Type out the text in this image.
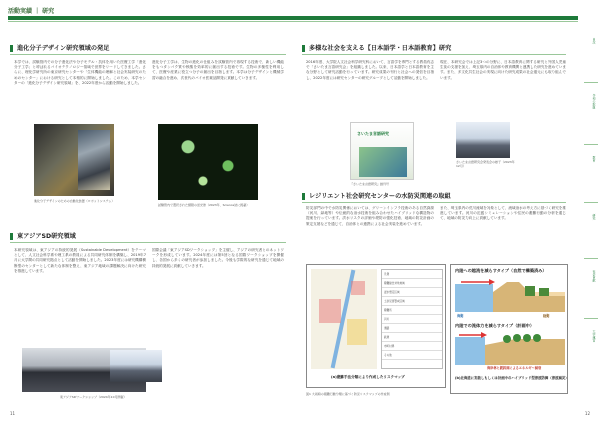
活動実績 ｜ 研究
進化分子デザイン研究領域の発足
本学では、試験管内での分子進化法や分子モデル・抗体を用いた医療工学「進化分子工学」と呼ばれるバイオテクノロジー領域で世界をリードしてきました。さらに、理化学研究所の東京研究センターや「生体機能の理解と社会実装研究のためのセンター」における研究として本格的に開始しました。このため、本学センターの「進化分子デザイン研究領域」を、2022年度から活動を開始しました。
進化分子工学は、生物の進化の仕組みを試験管内で再現する技術で、新しい機能をもつタンパク質や核酸を効率的に創出する技術です。生物の多様性を利用して、医療や産業に役立つ分子の創出を目指します。本学は分子デザインと機械学習の融合を進め、次世代のバイオ医薬品開発に貢献していきます。
進化分子デザインのための自動化装置（ロボットシステム）
試験管内で選択された細胞の蛍光像（2023年、Science誌に掲載）
東アジアSD研究領域
本研究領域は、東アジアの持続的発展（Sustainable Development）をテーマとして、人文社会科学系や理工系の教員による共同研究体制を構築し、2019年7月に大学間の共同研究拠点として活動を開始しました。2023年度には研究機構横断型のセンターとして新たな体制を整え、東アジア地域の課題解決に向けた研究を推進しています。
国際会議「東アジアSDワークショップ」を主催し、アジアの研究者とのネットワークを形成しています。2024年度には第5回となる国際ワークショップを開催し、各国から多くの研究者が参加しました。今後も学際的な研究を通じて地域の持続的発展に貢献していきます。
東アジアSDワークショップ（2024年10月開催）
11
多様な社会を支える【日本語学・日本語教育】研究
2016年度、大学院人文社会科学研究科において、言語学を専門とする教員有志で「さいたま言語研究会」を組織しました。以来、日本語学と日本語教育を主な分野として研究活動を行っています。研究成果の刊行と社会への発信を目指し、2022年度には研究センターの研究グループとして活動を開始しました。
現在、本研究会では上記3つの分野に、日本語教育に関する研究と外国人児童生徒の支援を加え、埼玉県内の自治体や教育機関と連携した研究を進めています。また、多文化共生社会の実現に向けた研究成果の社会還元にも取り組んでいます。
さいたま言語研究
『さいたま言語研究』創刊号
さいたま言語研究会発表会の様子（2023年12月）
レジリエント社会研究センターの水防災関連の取組
防災部門の中で水防災関係においては、グリーンインフラ技術のある自然資源（河川、緑地等）や伝統的な治水技術を組み合わせたハイブリッドな構造物の提案を行っています。洪水リスクの評価や堤防の強化技術、地域の防災計画の策定支援などを通じて、自治体との連携による社会実装を進めています。
また、埼玉県内の荒川流域を対象として、流域治水の考え方に基づく研究を推進しています。河川の氾濫シミュレーションや住民の避難行動の分析を通じて、地域の防災力向上に貢献しています。
凡例
避難勧告対象地域
浸水想定区域
土砂災害警戒区域
避難所
河川
道路
鉄道
市町村界
その他
(a)避難手法分類により作成したリスクマップ
図1 大雨時の避難行動分類に基づく防災リスクマップの作成例
内陸への越流を減らすタイプ（自然で構築済み）
海側	陸側
内陸での流体力を減らすタイプ（計画中）
海岸林と緩斜面によるエネルギー減衰
(b)北海道に実装しもしくは計画中のハイブリッド型津波防御（津波減災）
目次
令和の取組
教育
研究
社会貢献
大学運営
12
